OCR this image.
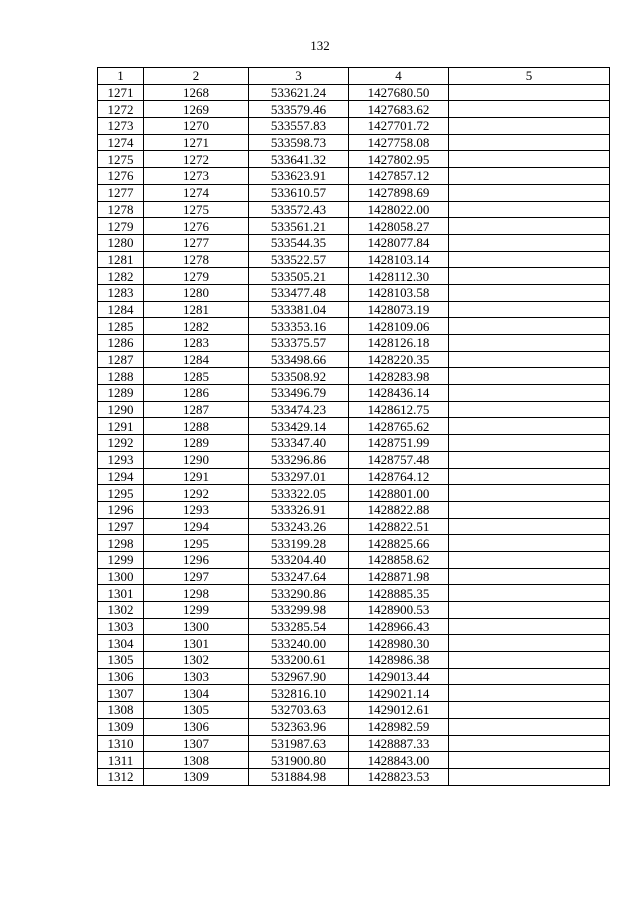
132
1	2	3	4	5
1271	1268	533621.24	1427680.50	
1272	1269	533579.46	1427683.62	
1273	1270	533557.83	1427701.72	
1274	1271	533598.73	1427758.08	
1275	1272	533641.32	1427802.95	
1276	1273	533623.91	1427857.12	
1277	1274	533610.57	1427898.69	
1278	1275	533572.43	1428022.00	
1279	1276	533561.21	1428058.27	
1280	1277	533544.35	1428077.84	
1281	1278	533522.57	1428103.14	
1282	1279	533505.21	1428112.30	
1283	1280	533477.48	1428103.58	
1284	1281	533381.04	1428073.19	
1285	1282	533353.16	1428109.06	
1286	1283	533375.57	1428126.18	
1287	1284	533498.66	1428220.35	
1288	1285	533508.92	1428283.98	
1289	1286	533496.79	1428436.14	
1290	1287	533474.23	1428612.75	
1291	1288	533429.14	1428765.62	
1292	1289	533347.40	1428751.99	
1293	1290	533296.86	1428757.48	
1294	1291	533297.01	1428764.12	
1295	1292	533322.05	1428801.00	
1296	1293	533326.91	1428822.88	
1297	1294	533243.26	1428822.51	
1298	1295	533199.28	1428825.66	
1299	1296	533204.40	1428858.62	
1300	1297	533247.64	1428871.98	
1301	1298	533290.86	1428885.35	
1302	1299	533299.98	1428900.53	
1303	1300	533285.54	1428966.43	
1304	1301	533240.00	1428980.30	
1305	1302	533200.61	1428986.38	
1306	1303	532967.90	1429013.44	
1307	1304	532816.10	1429021.14	
1308	1305	532703.63	1429012.61	
1309	1306	532363.96	1428982.59	
1310	1307	531987.63	1428887.33	
1311	1308	531900.80	1428843.00	
1312	1309	531884.98	1428823.53	
